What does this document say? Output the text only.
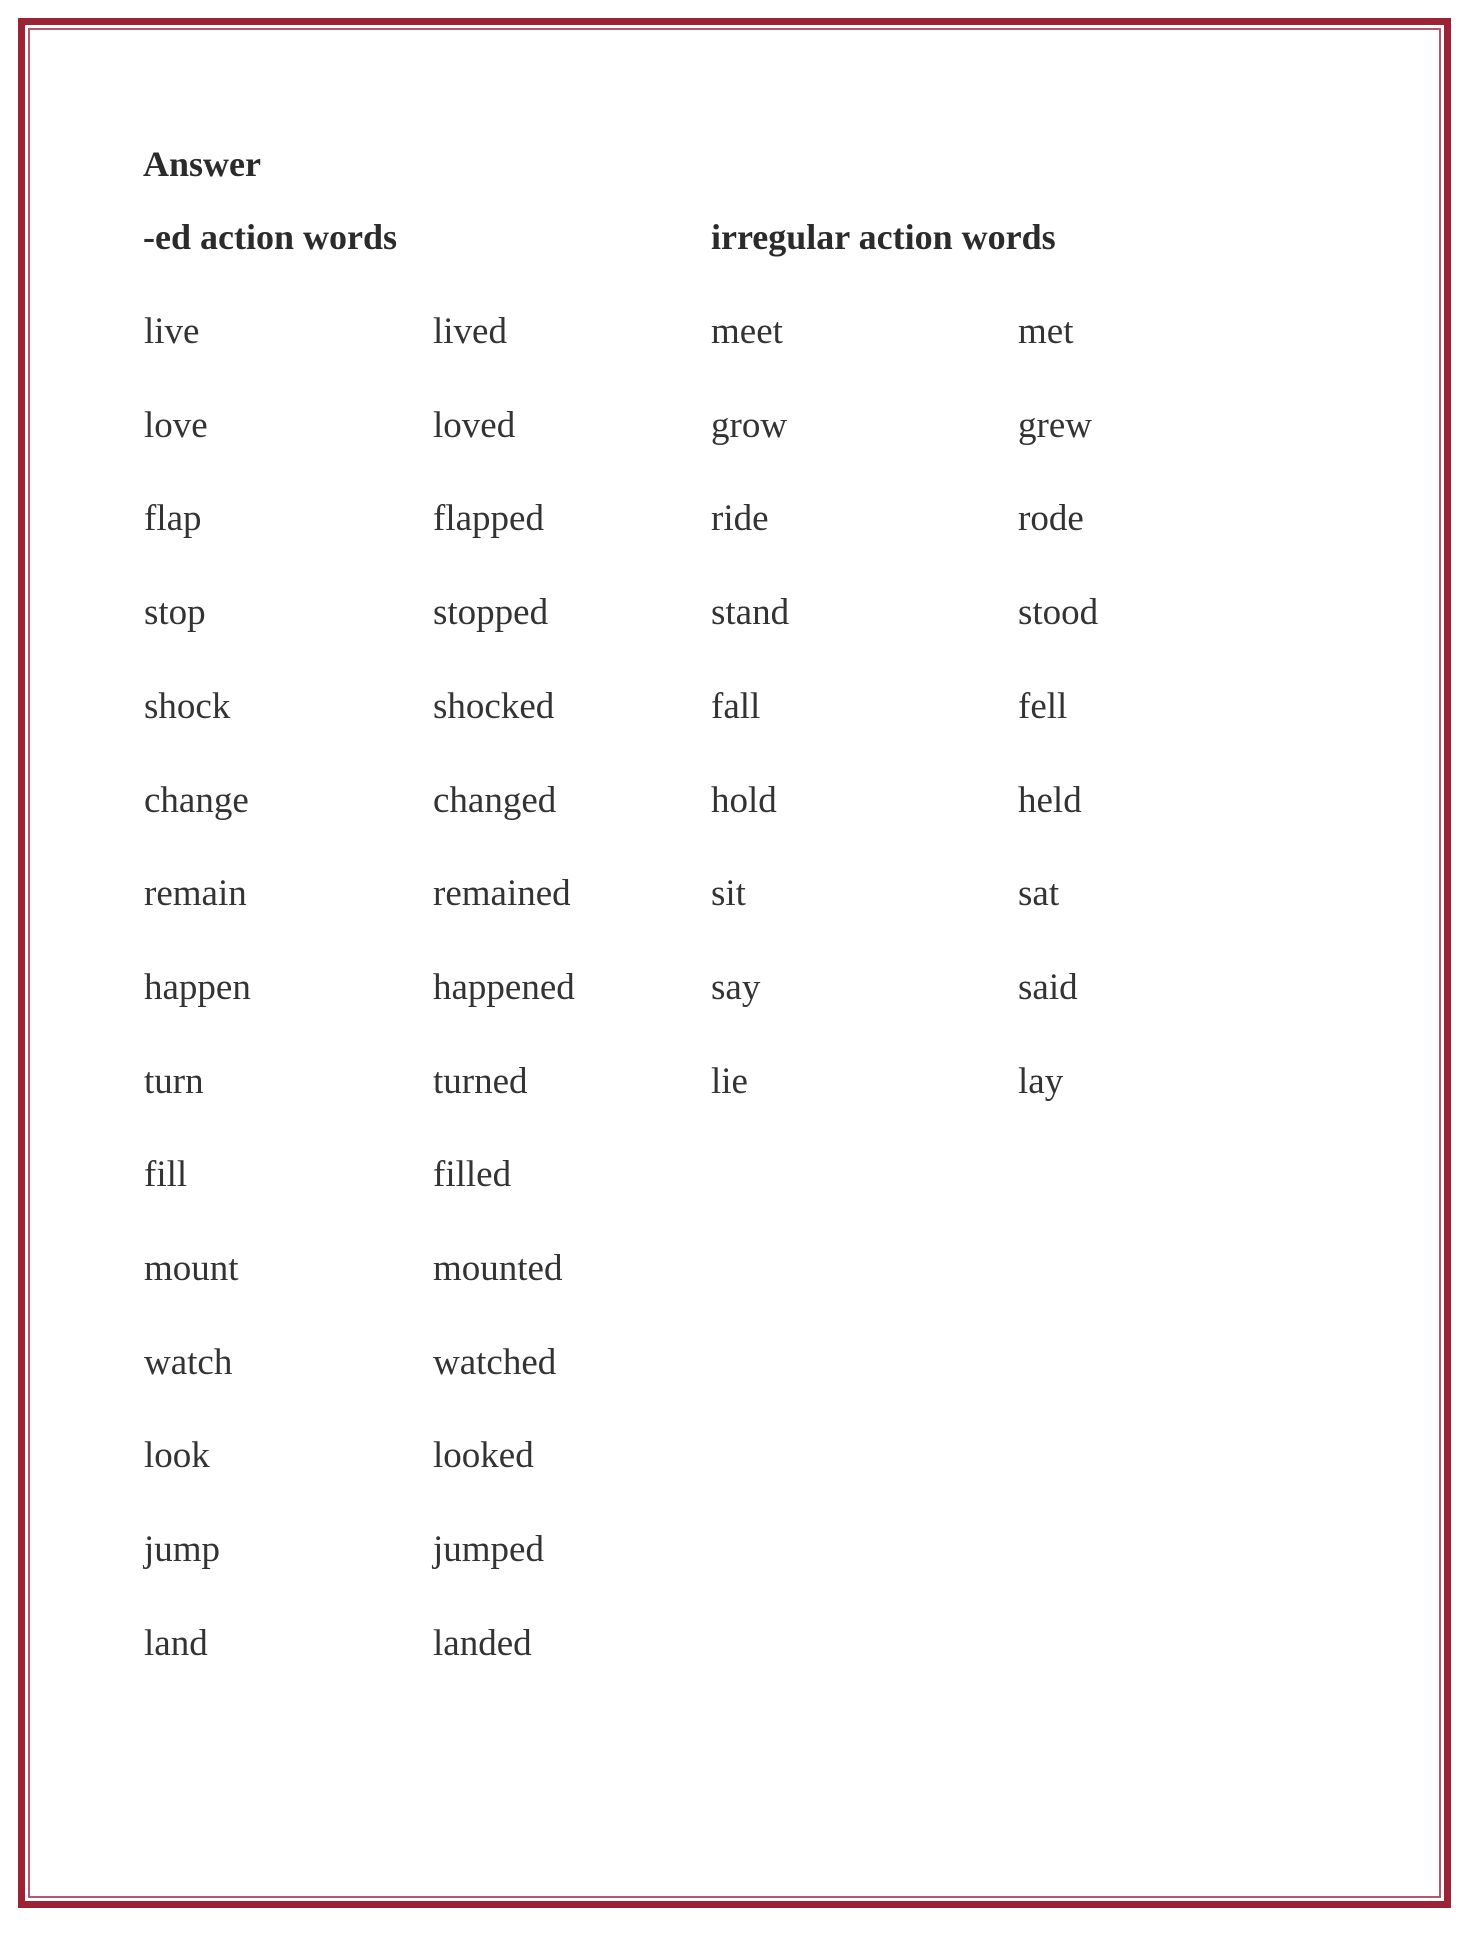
Answer
-ed action words	irregular action words
live	lived
love	loved
flap	flapped
stop	stopped
shock	shocked
change	changed
remain	remained
happen	happened
turn	turned
fill	filled
mount	mounted
watch	watched
look	looked
jump	jumped
land	landed
meet	met
grow	grew
ride	rode
stand	stood
fall	fell
hold	held
sit	sat
say	said
lie	lay
